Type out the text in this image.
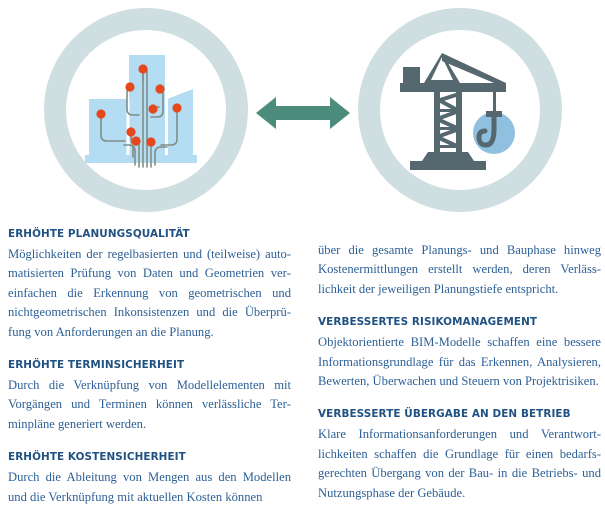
ERHÖHTE PLANUNGSQUALITÄT

Möglichkeiten der regelbasierten und (teilweise) automatisierten Prüfung von Daten und Geometrien vereinfachen die Erkennung von geometrischen und nichtgeometrischen Inkonsistenzen und die Überprüfung von Anforderungen an die Planung.

ERHÖHTE TERMINSICHERHEIT

Durch die Verknüpfung von Modellelementen mit Vorgängen und Terminen können verlässliche Terminpläne generiert werden.

ERHÖHTE KOSTENSICHERHEIT

Durch die Ableitung von Mengen aus den Modellen und die Verknüpfung mit aktuellen Kosten können

über die gesamte Planungs- und Bauphase hinweg Kostenermittlungen erstellt werden, deren Verlässlichkeit der jeweiligen Planungstiefe entspricht.

VERBESSERTES RISIKOMANAGEMENT

Objektorientierte BIM-Modelle schaffen eine bessere Informationsgrundlage für das Erkennen, Analysieren, Bewerten, Überwachen und Steuern von Projektrisiken.

VERBESSERTE ÜBERGABE AN DEN BETRIEB

Klare Informationsanforderungen und Verantwortlichkeiten schaffen die Grundlage für einen bedarfsgerechten Übergang von der Bau- in die Betriebs- und Nutzungsphase der Gebäude.
